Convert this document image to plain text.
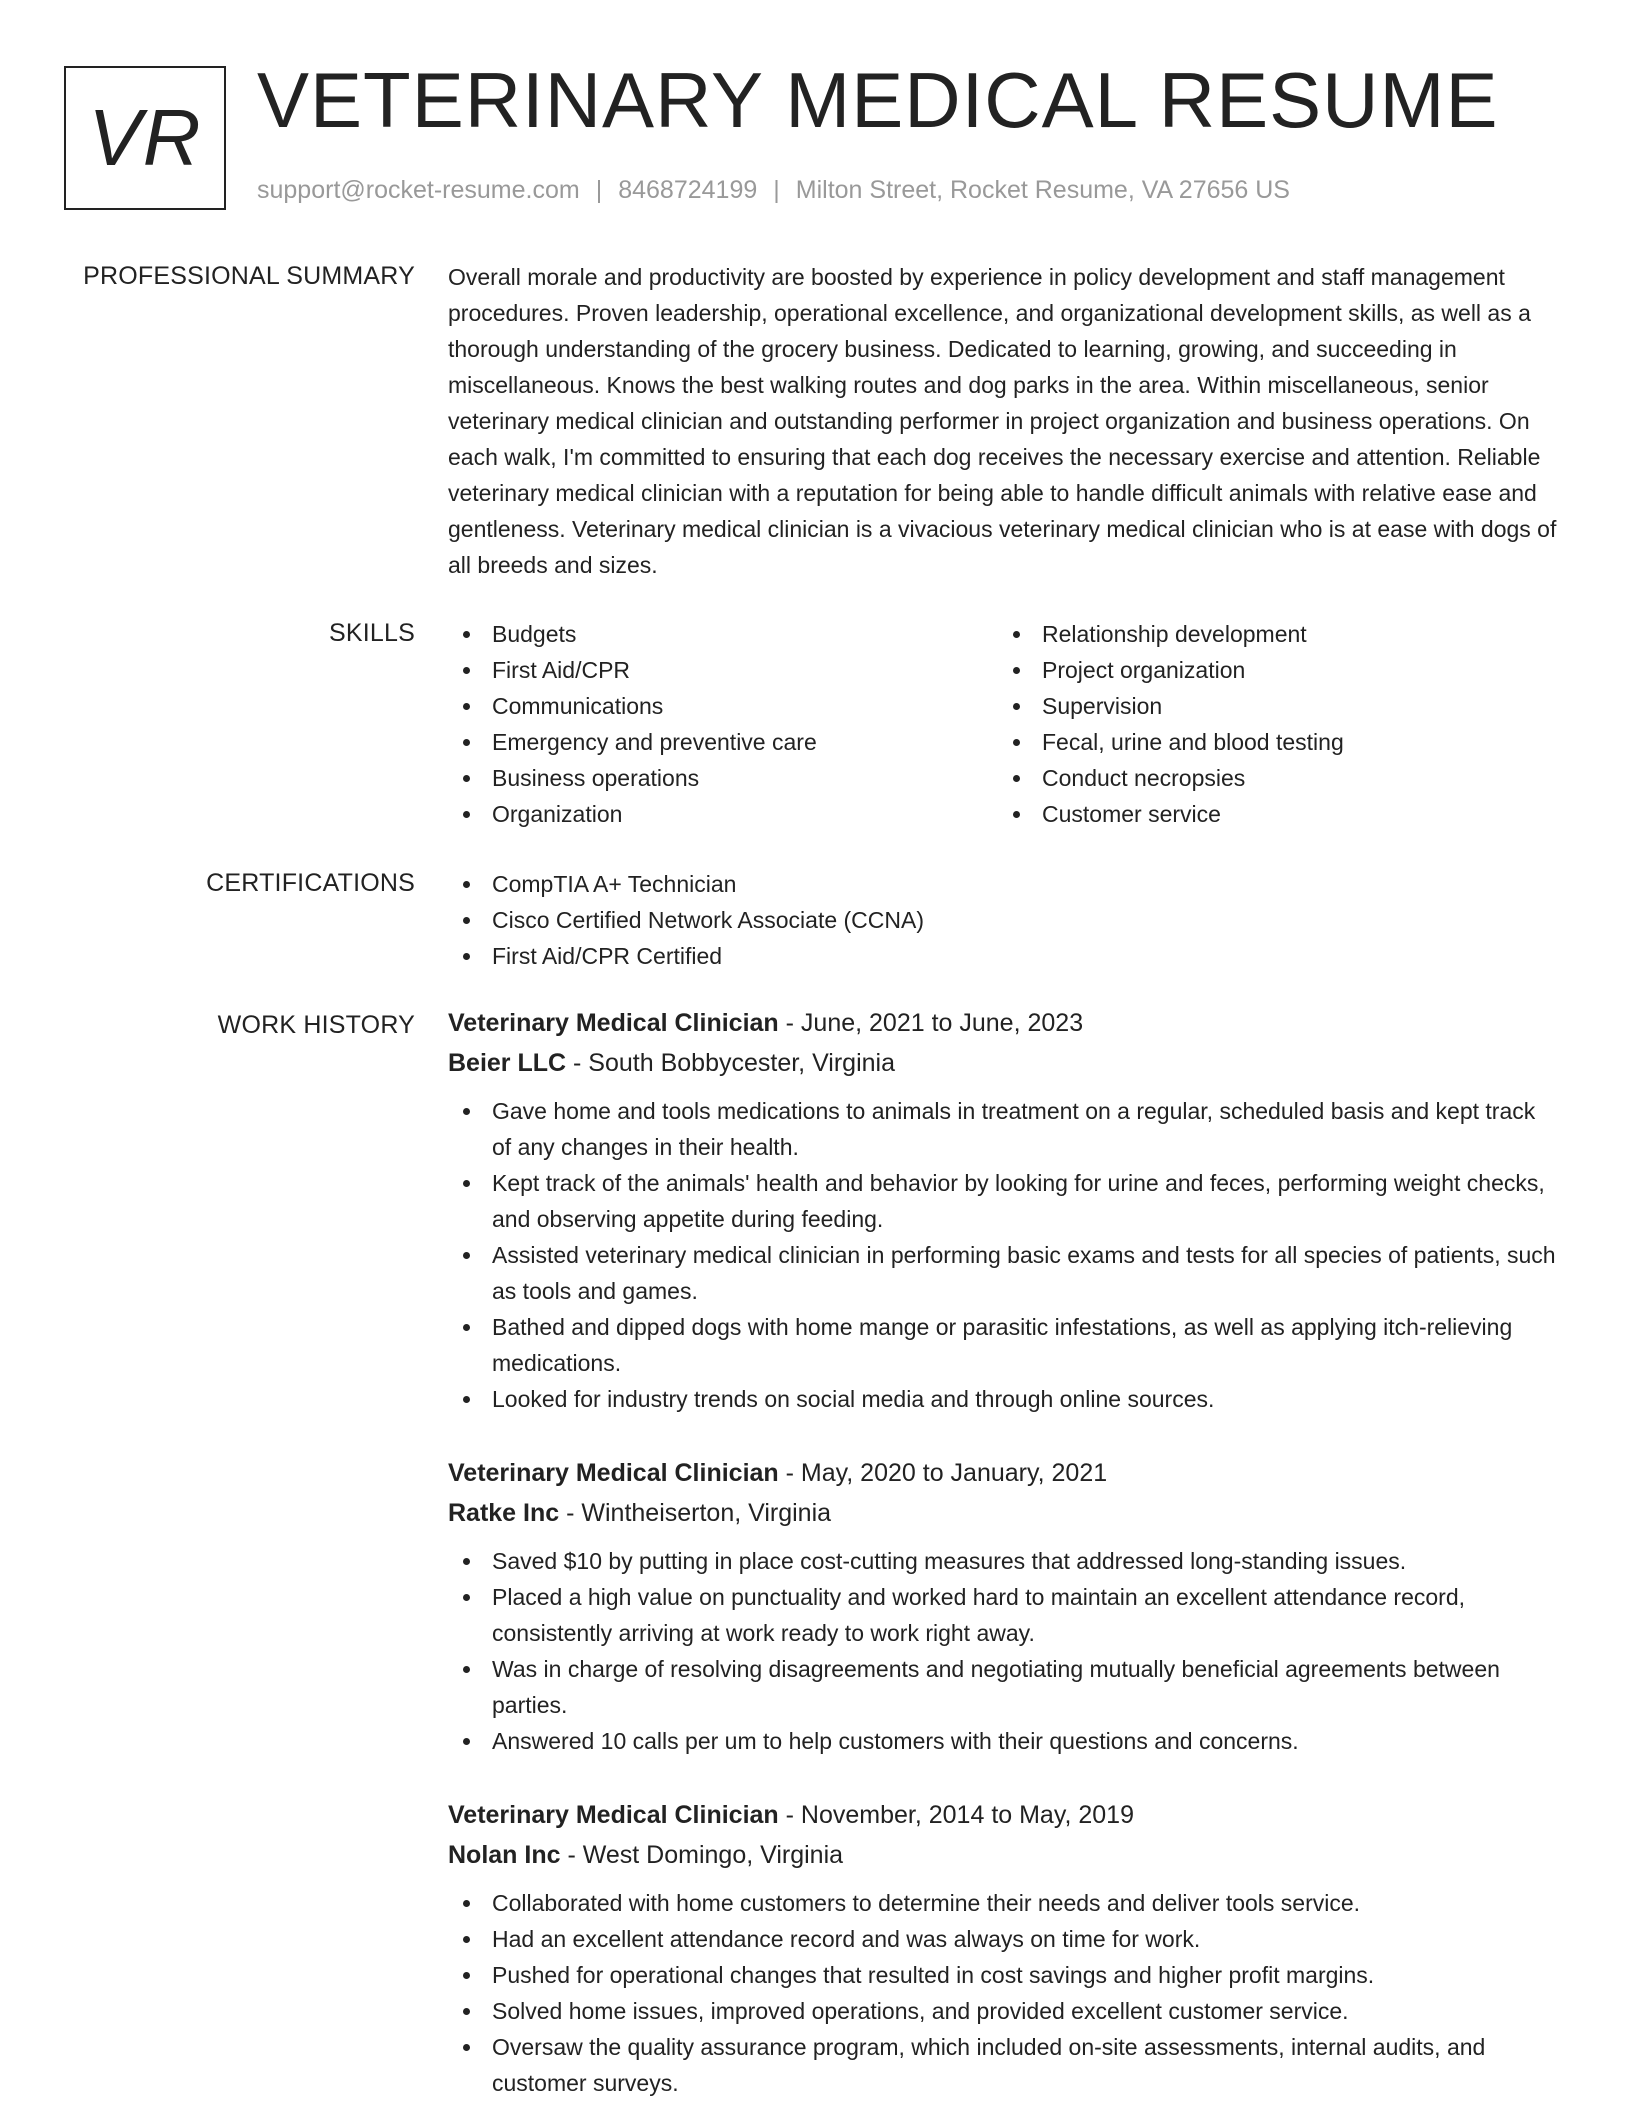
VR VETERINARY MEDICAL RESUME
support@rocket-resume.com | 8468724199 | Milton Street, Rocket Resume, VA 27656 US
PROFESSIONAL SUMMARY Overall morale and productivity are boosted by experience in policy development and staff management procedures. Proven leadership, operational excellence, and organizational development skills, as well as a thorough understanding of the grocery business. Dedicated to learning, growing, and succeeding in miscellaneous. Knows the best walking routes and dog parks in the area. Within miscellaneous, senior veterinary medical clinician and outstanding performer in project organization and business operations. On each walk, I'm committed to ensuring that each dog receives the necessary exercise and attention. Reliable veterinary medical clinician with a reputation for being able to handle difficult animals with relative ease and gentleness. Veterinary medical clinician is a vivacious veterinary medical clinician who is at ease with dogs of all breeds and sizes.

SKILLS	Budgets
First Aid/CPR
Communications
Emergency and preventive care
Business operations
Organization
Relationship development
Project organization
Supervision
Fecal, urine and blood testing
Conduct necropsies
Customer service
CERTIFICATIONS	CompTIA A+ Technician
Cisco Certified Network Associate (CCNA)
First Aid/CPR Certified
WORK HISTORY Veterinary Medical Clinician - June, 2021 to June, 2023
Beier LLC - South Bobbycester, Virginia
Gave home and tools medications to animals in treatment on a regular, scheduled basis and kept track of any changes in their health.
Kept track of the animals' health and behavior by looking for urine and feces, performing weight checks, and observing appetite during feeding.
Assisted veterinary medical clinician in performing basic exams and tests for all species of patients, such as tools and games.
Bathed and dipped dogs with home mange or parasitic infestations, as well as applying itch-relieving medications.
Looked for industry trends on social media and through online sources.
Veterinary Medical Clinician - May, 2020 to January, 2021
Ratke Inc - Wintheiserton, Virginia
Saved $10 by putting in place cost-cutting measures that addressed long-standing issues.
Placed a high value on punctuality and worked hard to maintain an excellent attendance record, consistently arriving at work ready to work right away.
Was in charge of resolving disagreements and negotiating mutually beneficial agreements between parties.
Answered 10 calls per um to help customers with their questions and concerns.
Veterinary Medical Clinician - November, 2014 to May, 2019
Nolan Inc - West Domingo, Virginia
Collaborated with home customers to determine their needs and deliver tools service.
Had an excellent attendance record and was always on time for work.
Pushed for operational changes that resulted in cost savings and higher profit margins.
Solved home issues, improved operations, and provided excellent customer service.
Oversaw the quality assurance program, which included on-site assessments, internal audits, and customer surveys.
